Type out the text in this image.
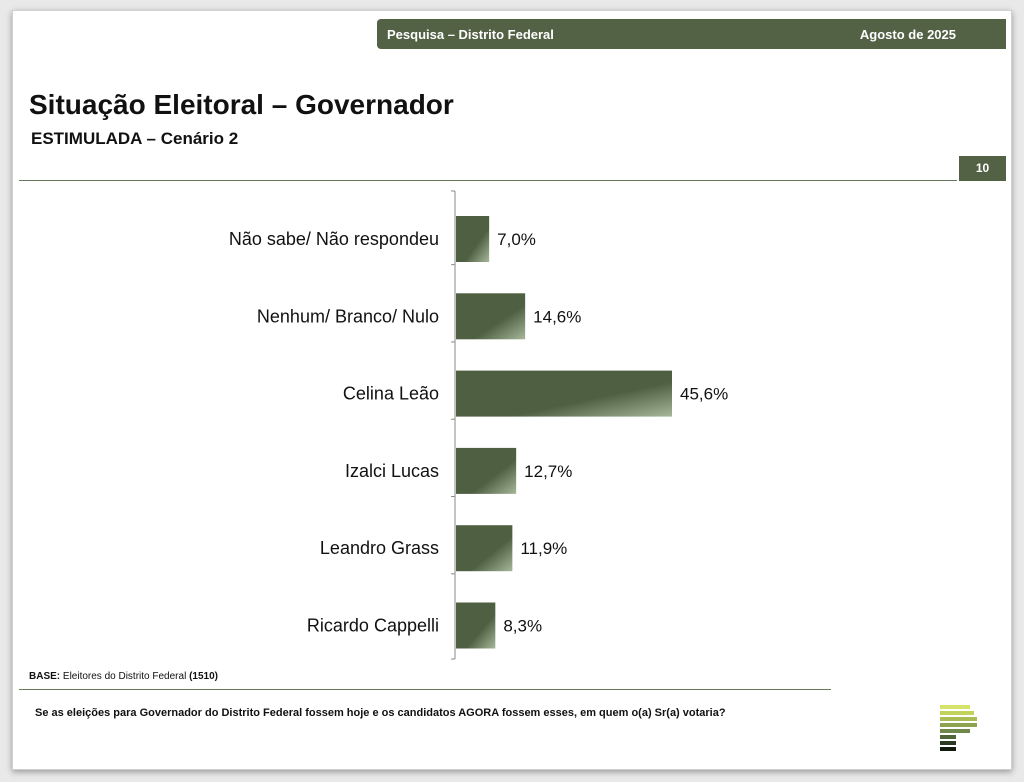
Pesquisa – Distrito Federal	Agosto de 2025
Situação Eleitoral – Governador
ESTIMULADA – Cenário 2
10
Não sabe/ Não respondeu	7,0%
Nenhum/ Branco/ Nulo	14,6%
Celina Leão	45,6%
Izalci Lucas	12,7%
Leandro Grass	11,9%
Ricardo Cappelli	8,3%
BASE: Eleitores do Distrito Federal (1510)
Se as eleições para Governador do Distrito Federal fossem hoje e os candidatos AGORA fossem esses, em quem o(a) Sr(a) votaria?
